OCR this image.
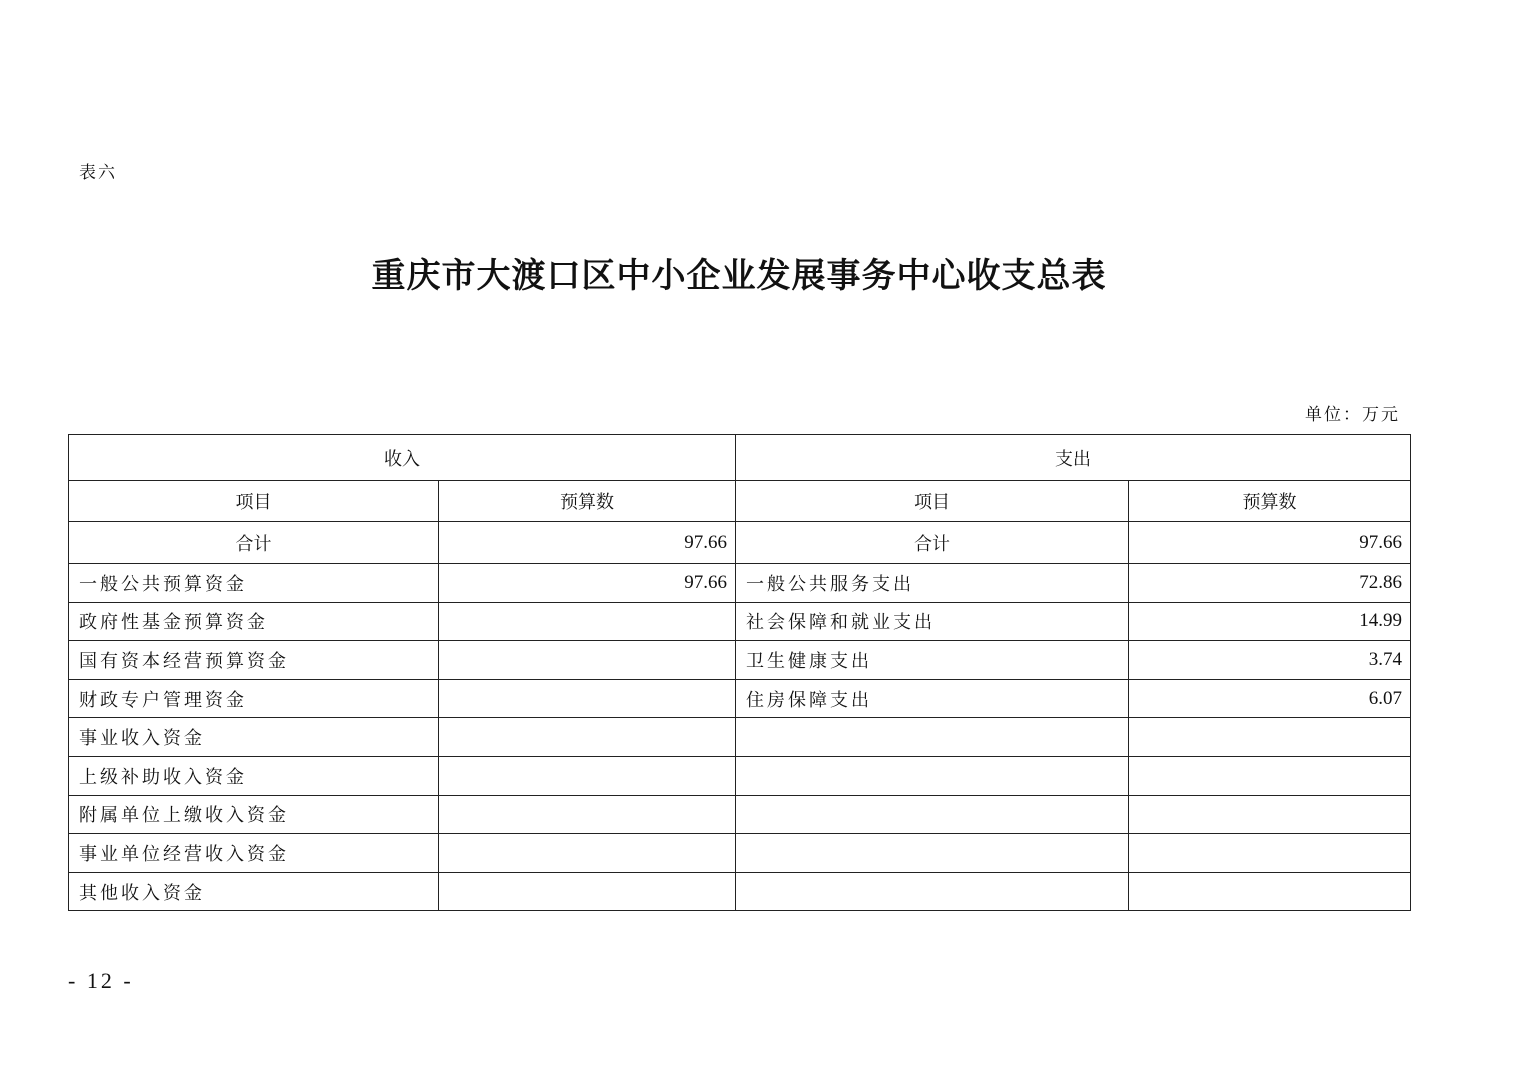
表六
重庆市大渡口区中小企业发展事务中心收支总表
单位：万元
收入		支出	
项目	预算数	项目	预算数
合计	97.66	合计	97.66
一般公共预算资金	97.66	一般公共服务支出	72.86
政府性基金预算资金		社会保障和就业支出	14.99
国有资本经营预算资金		卫生健康支出	3.74
财政专户管理资金		住房保障支出	6.07
事业收入资金			
上级补助收入资金			
附属单位上缴收入资金			
事业单位经营收入资金			
其他收入资金			
- 12 -
